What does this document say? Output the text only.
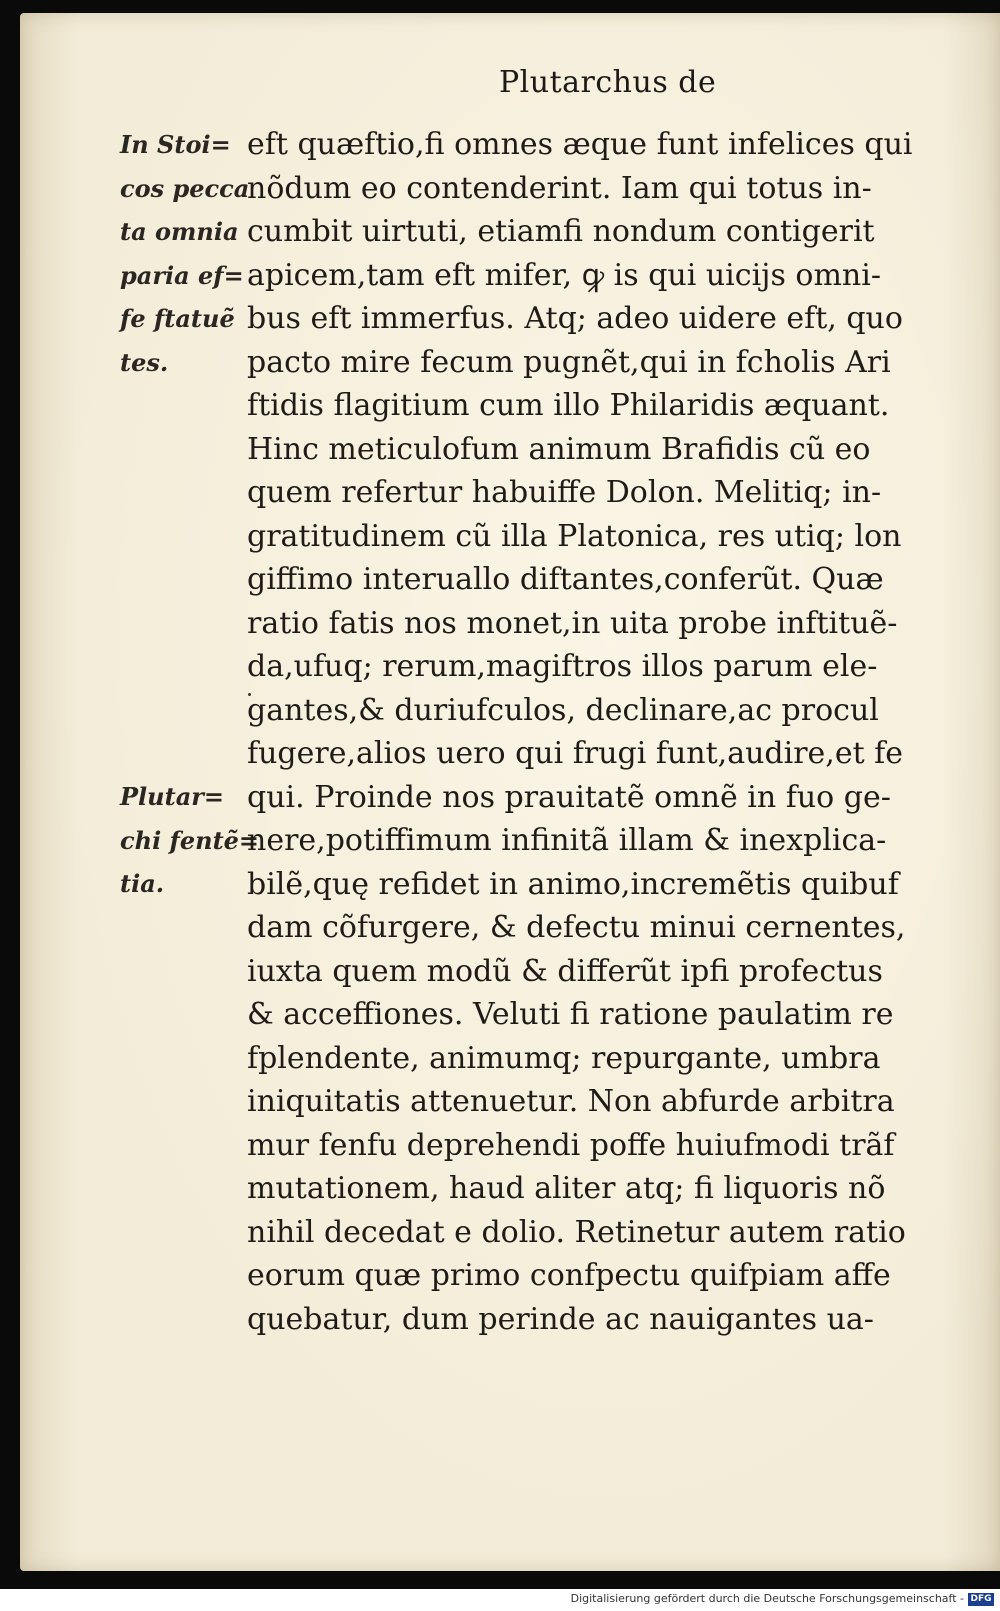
Plutarchus de
In Stoi=
cos pecca
ta omnia
paria ef=
fe ftatuẽ
tes.
Plutar=
chi fentẽ=
tia.
eft quæftio,fi omnes æque funt infelices qui
nõdum eo contenderint. Iam qui totus in-
cumbit uirtuti, etiamfi nondum contigerit
apicem,tam eft mifer, ꝙ is qui uicijs omni-
bus eft immerfus. Atq; adeo uidere eft, quo
pacto mire fecum pugnẽt,qui in fcholis Ari
ftidis flagitium cum illo Philaridis æquant.
Hinc meticulofum animum Brafidis cũ eo
quem refertur habuiffe Dolon. Melitiq; in-
gratitudinem cũ illa Platonica, res utiq; lon
giffimo interuallo diftantes,conferũt. Quæ
ratio fatis nos monet,in uita probe inftituẽ-
da,ufuq; rerum,magiftros illos parum ele-
gantes,& duriufculos, declinare,ac procul
fugere,alios uero qui frugi funt,audire,et fe
qui. Proinde nos prauitatẽ omnẽ in fuo ge-
nere,potiffimum infinitã illam & inexplica-
bilẽ,quę refidet in animo,incremẽtis quibuf
dam cõfurgere, & defectu minui cernentes,
iuxta quem modũ & differũt ipfi profectus
& acceffiones. Veluti fi ratione paulatim re
fplendente, animumq; repurgante, umbra
iniquitatis attenuetur. Non abfurde arbitra
mur fenfu deprehendi poffe huiufmodi trãf
mutationem, haud aliter atq; fi liquoris nõ
nihil decedat e dolio. Retinetur autem ratio
eorum quæ primo confpectu quifpiam affe
quebatur, dum perinde ac nauigantes ua-
Digitalisierung gefördert durch die Deutsche Forschungsgemeinschaft - DFG
